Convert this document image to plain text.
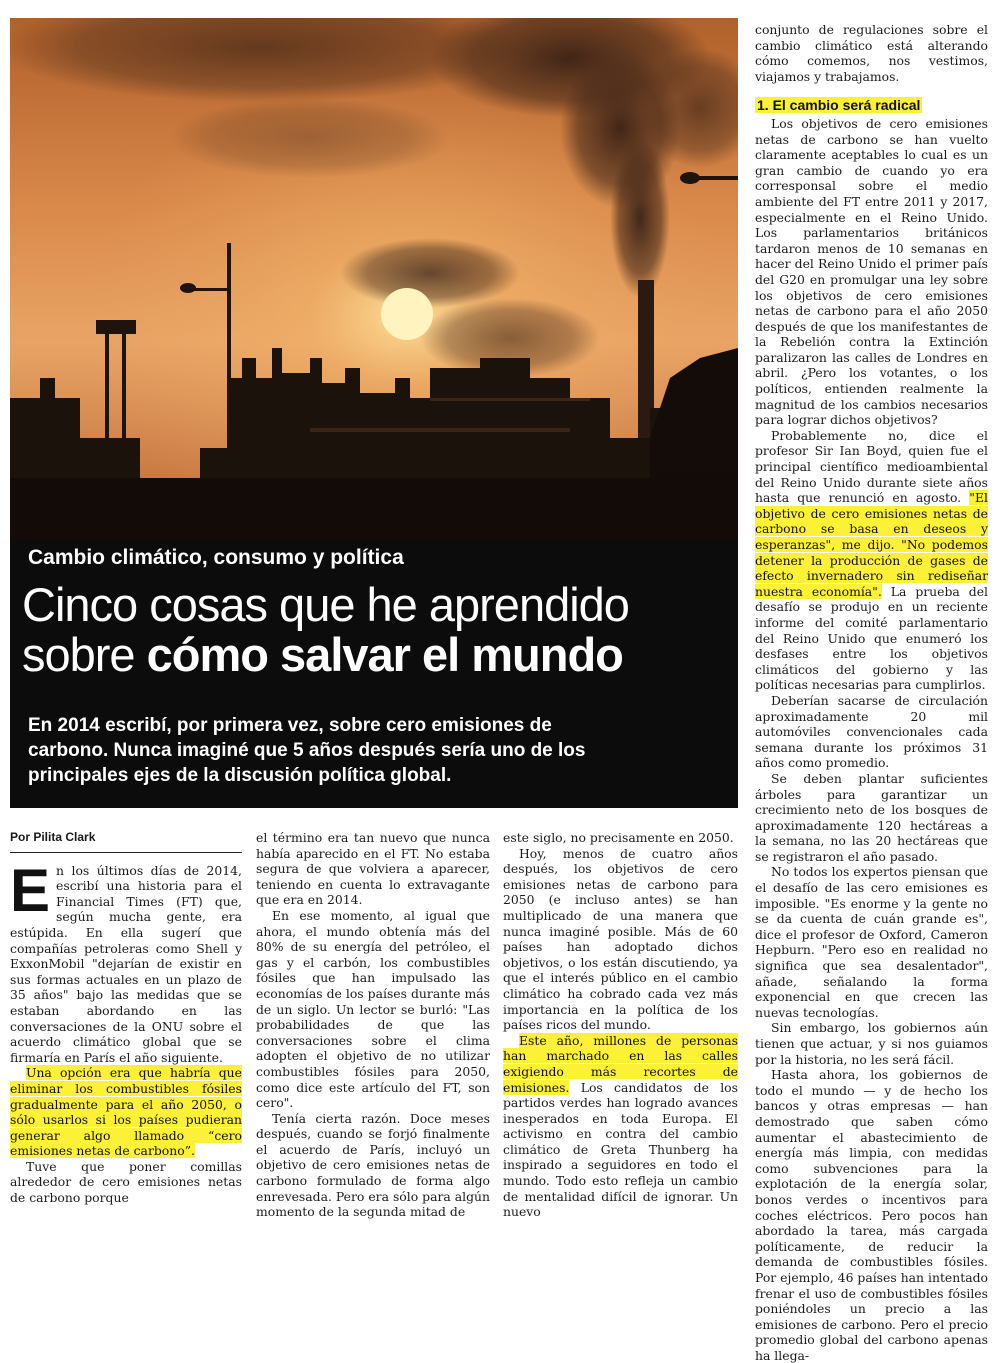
Cambio climático, consumo y política
Cinco cosas que he aprendido
sobre cómo salvar el mundo
En 2014 escribí, por primera vez, sobre cero emisiones de carbono. Nunca imaginé que 5 años después sería uno de los principales ejes de la discusión política global.
Por Pilita Clark

En los últimos días de 2014, escribí una historia para el Financial Times (FT) que, según mucha gente, era estúpida. En ella sugerí que compañías petroleras como Shell y ExxonMobil "dejarían de existir en sus formas actuales en un plazo de 35 años" bajo las medidas que se estaban abordando en las conversaciones de la ONU sobre el acuerdo climático global que se firmaría en París el año siguiente.

Una opción era que habría que eliminar los combustibles fósiles gradualmente para el año 2050, o sólo usarlos si los países pudieran generar algo llamado “cero emisiones netas de carbono”.

Tuve que poner comillas alrededor de cero emisiones netas de carbono porque

el término era tan nuevo que nunca había aparecido en el FT. No estaba segura de que volviera a aparecer, teniendo en cuenta lo extravagante que era en 2014.

En ese momento, al igual que ahora, el mundo obtenía más del 80% de su energía del petróleo, el gas y el carbón, los combustibles fósiles que han impulsado las economías de los países durante más de un siglo. Un lector se burló: "Las probabilidades de que las conversaciones sobre el clima adopten el objetivo de no utilizar combustibles fósiles para 2050, como dice este artículo del FT, son cero".

Tenía cierta razón. Doce meses después, cuando se forjó finalmente el acuerdo de París, incluyó un objetivo de cero emisiones netas de carbono formulado de forma algo enrevesada. Pero era sólo para algún momento de la segunda mitad de

este siglo, no precisamente en 2050.

Hoy, menos de cuatro años después, los objetivos de cero emisiones netas de carbono para 2050 (e incluso antes) se han multiplicado de una manera que nunca imaginé posible. Más de 60 países han adoptado dichos objetivos, o los están discutiendo, ya que el interés público en el cambio climático ha cobrado cada vez más importancia en la política de los países ricos del mundo.

Este año, millones de personas han marchado en las calles exigiendo más recortes de emisiones. Los candidatos de los partidos verdes han logrado avances inesperados en toda Europa. El activismo en contra del cambio climático de Greta Thunberg ha inspirado a seguidores en todo el mundo. Todo esto refleja un cambio de mentalidad difícil de ignorar. Un nuevo

conjunto de regulaciones sobre el cambio climático está alterando cómo comemos, nos vestimos, viajamos y trabajamos.

1. El cambio será radical

Los objetivos de cero emisiones netas de carbono se han vuelto claramente aceptables lo cual es un gran cambio de cuando yo era corresponsal sobre el medio ambiente del FT entre 2011 y 2017, especialmente en el Reino Unido. Los parlamentarios británicos tardaron menos de 10 semanas en hacer del Reino Unido el primer país del G20 en promulgar una ley sobre los objetivos de cero emisiones netas de carbono para el año 2050 después de que los manifestantes de la Rebelión contra la Extinción paralizaron las calles de Londres en abril. ¿Pero los votantes, o los políticos, entienden realmente la magnitud de los cambios necesarios para lograr dichos objetivos?

Probablemente no, dice el profesor Sir Ian Boyd, quien fue el principal científico medioambiental del Reino Unido durante siete años hasta que renunció en agosto. "El objetivo de cero emisiones netas de carbono se basa en deseos y esperanzas", me dijo. "No podemos detener la producción de gases de efecto invernadero sin rediseñar nuestra economía". La prueba del desafío se produjo en un reciente informe del comité parlamentario del Reino Unido que enumeró los desfases entre los objetivos climáticos del gobierno y las políticas necesarias para cumplirlos.

Deberían sacarse de circulación aproximadamente 20 mil automóviles convencionales cada semana durante los próximos 31 años como promedio.

Se deben plantar suficientes árboles para garantizar un crecimiento neto de los bosques de aproximadamente 120 hectáreas a la semana, no las 20 hectáreas que se registraron el año pasado.

No todos los expertos piensan que el desafío de las cero emisiones es imposible. "Es enorme y la gente no se da cuenta de cuán grande es", dice el profesor de Oxford, Cameron Hepburn. "Pero eso en realidad no significa que sea desalentador", añade, señalando la forma exponencial en que crecen las nuevas tecnologías.

Sin embargo, los gobiernos aún tienen que actuar, y si nos guiamos por la historia, no les será fácil.

Hasta ahora, los gobiernos de todo el mundo — y de hecho los bancos y otras empresas — han demostrado que saben cómo aumentar el abastecimiento de energía más limpia, con medidas como subvenciones para la explotación de la energía solar, bonos verdes o incentivos para coches eléctricos. Pero pocos han abordado la tarea, más cargada políticamente, de reducir la demanda de combustibles fósiles. Por ejemplo, 46 países han intentado frenar el uso de combustibles fósiles poniéndoles un precio a las emisiones de carbono. Pero el precio promedio global del carbono apenas ha llega-
